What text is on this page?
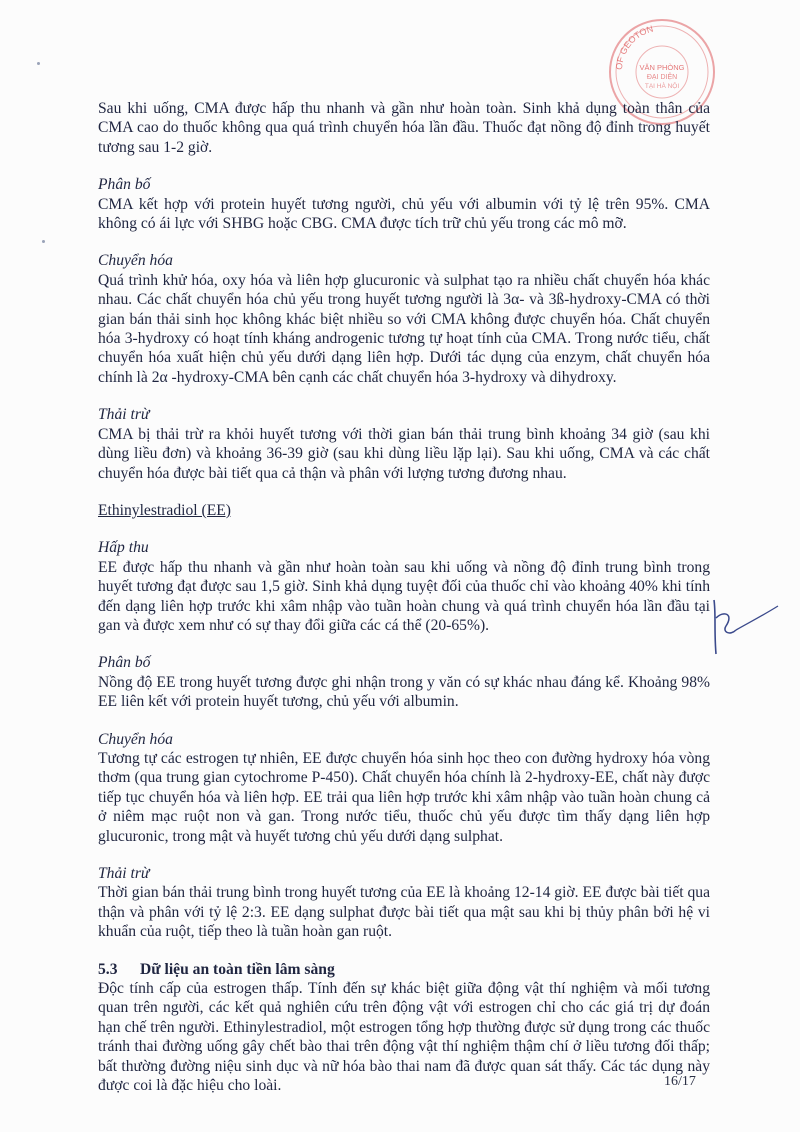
OF GEOTON
VĂN PHÒNG
ĐẠI DIỆN
TẠI HÀ NỘI

Sau khi uống, CMA được hấp thu nhanh và gần như hoàn toàn. Sinh khả dụng toàn thân của CMA cao do thuốc không qua quá trình chuyển hóa lần đầu. Thuốc đạt nồng độ đỉnh trong huyết tương sau 1-2 giờ.

Phân bố

CMA kết hợp với protein huyết tương người, chủ yếu với albumin với tỷ lệ trên 95%. CMA không có ái lực với SHBG hoặc CBG. CMA được tích trữ chủ yếu trong các mô mỡ.

Chuyển hóa

Quá trình khử hóa, oxy hóa và liên hợp glucuronic và sulphat tạo ra nhiều chất chuyển hóa khác nhau. Các chất chuyển hóa chủ yếu trong huyết tương người là 3α- và 3ß-hydroxy-CMA có thời gian bán thải sinh học không khác biệt nhiều so với CMA không được chuyển hóa. Chất chuyển hóa 3-hydroxy có hoạt tính kháng androgenic tương tự hoạt tính của CMA. Trong nước tiểu, chất chuyển hóa xuất hiện chủ yếu dưới dạng liên hợp. Dưới tác dụng của enzym, chất chuyển hóa chính là 2α -hydroxy-CMA bên cạnh các chất chuyển hóa 3-hydroxy và dihydroxy.

Thải trừ

CMA bị thải trừ ra khỏi huyết tương với thời gian bán thải trung bình khoảng 34 giờ (sau khi dùng liều đơn) và khoảng 36-39 giờ (sau khi dùng liều lặp lại). Sau khi uống, CMA và các chất chuyển hóa được bài tiết qua cả thận và phân với lượng tương đương nhau.

Ethinylestradiol (EE)

Hấp thu

EE được hấp thu nhanh và gần như hoàn toàn sau khi uống và nồng độ đỉnh trung bình trong huyết tương đạt được sau 1,5 giờ. Sinh khả dụng tuyệt đối của thuốc chỉ vào khoảng 40% khi tính đến dạng liên hợp trước khi xâm nhập vào tuần hoàn chung và quá trình chuyển hóa lần đầu tại gan và được xem như có sự thay đổi giữa các cá thể (20-65%).

Phân bố

Nồng độ EE trong huyết tương được ghi nhận trong y văn có sự khác nhau đáng kể. Khoảng 98% EE liên kết với protein huyết tương, chủ yếu với albumin.

Chuyển hóa

Tương tự các estrogen tự nhiên, EE được chuyển hóa sinh học theo con đường hydroxy hóa vòng thơm (qua trung gian cytochrome P-450). Chất chuyển hóa chính là 2-hydroxy-EE, chất này được tiếp tục chuyển hóa và liên hợp. EE trải qua liên hợp trước khi xâm nhập vào tuần hoàn chung cả ở niêm mạc ruột non và gan. Trong nước tiểu, thuốc chủ yếu được tìm thấy dạng liên hợp glucuronic, trong mật và huyết tương chủ yếu dưới dạng sulphat.

Thải trừ

Thời gian bán thải trung bình trong huyết tương của EE là khoảng 12-14 giờ. EE được bài tiết qua thận và phân với tỷ lệ 2:3. EE dạng sulphat được bài tiết qua mật sau khi bị thủy phân bởi hệ vi khuẩn của ruột, tiếp theo là tuần hoàn gan ruột.

5.3 Dữ liệu an toàn tiền lâm sàng

Độc tính cấp của estrogen thấp. Tính đến sự khác biệt giữa động vật thí nghiệm và mối tương quan trên người, các kết quả nghiên cứu trên động vật với estrogen chỉ cho các giá trị dự đoán hạn chế trên người. Ethinylestradiol, một estrogen tổng hợp thường được sử dụng trong các thuốc tránh thai đường uống gây chết bào thai trên động vật thí nghiệm thậm chí ở liều tương đối thấp; bất thường đường niệu sinh dục và nữ hóa bào thai nam đã được quan sát thấy. Các tác dụng này được coi là đặc hiệu cho loài.	16/17
